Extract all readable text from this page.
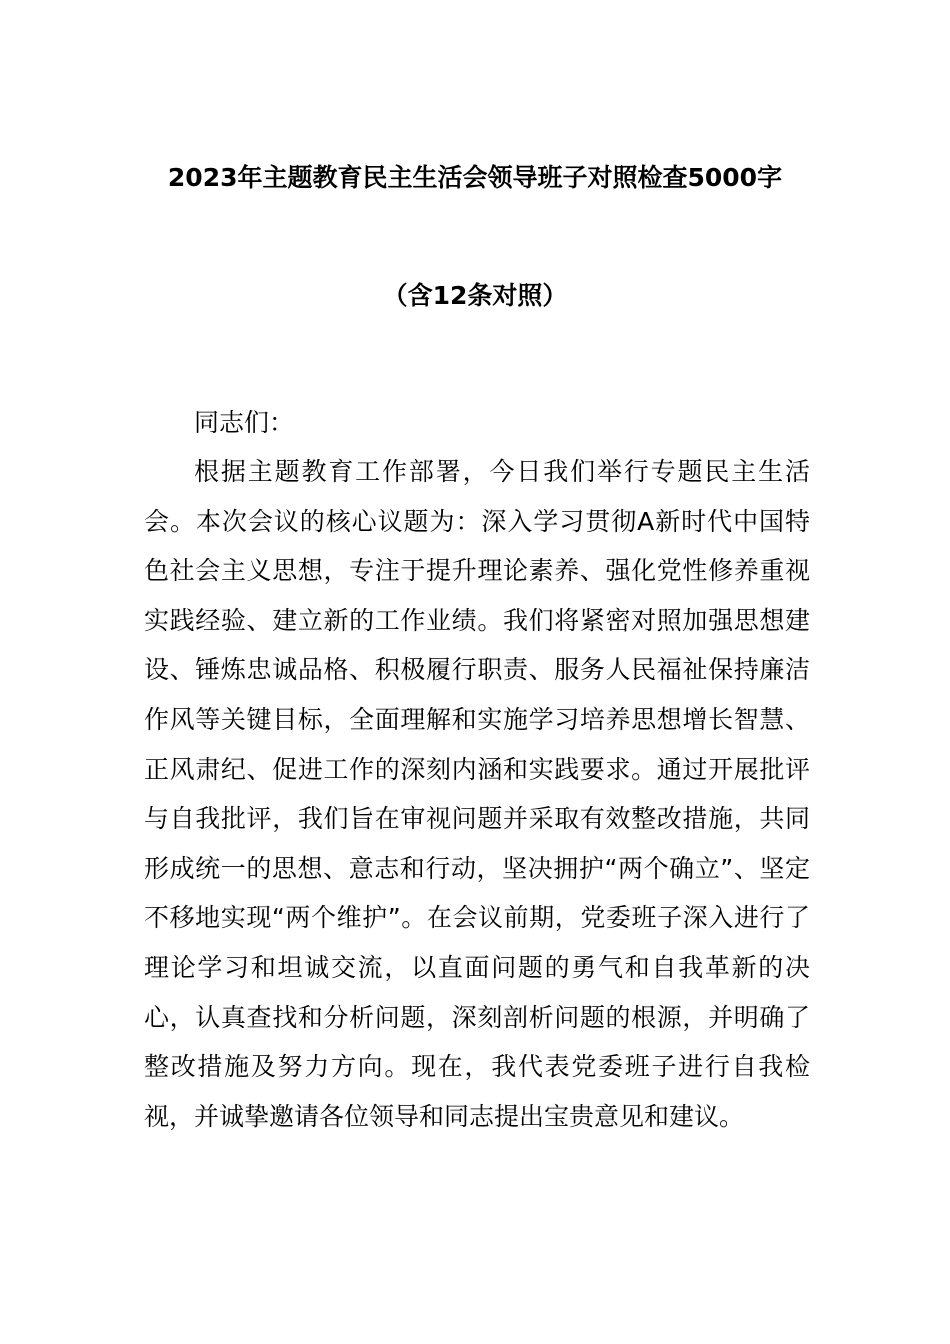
2023年主题教育民主生活会领导班子对照检查5000字
（含12条对照）

同志们：

根据主题教育工作部署，今日我们举行专题民主生活会。本次会议的核心议题为：深入学习贯彻A新时代中国特色社会主义思想，专注于提升理论素养、强化党性修养重视实践经验、建立新的工作业绩。我们将紧密对照加强思想建设、锤炼忠诚品格、积极履行职责、服务人民福祉保持廉洁作风等关键目标，全面理解和实施学习培养思想增长智慧、正风肃纪、促进工作的深刻内涵和实践要求。通过开展批评与自我批评，我们旨在审视问题并采取有效整改措施，共同形成统一的思想、意志和行动，坚决拥护“两个确立”、坚定不移地实现“两个维护”。在会议前期，党委班子深入进行了理论学习和坦诚交流，以直面问题的勇气和自我革新的决心，认真查找和分析问题，深刻剖析问题的根源，并明确了整改措施及努力方向。现在，我代表党委班子进行自我检视，并诚挚邀请各位领导和同志提出宝贵意见和建议。
